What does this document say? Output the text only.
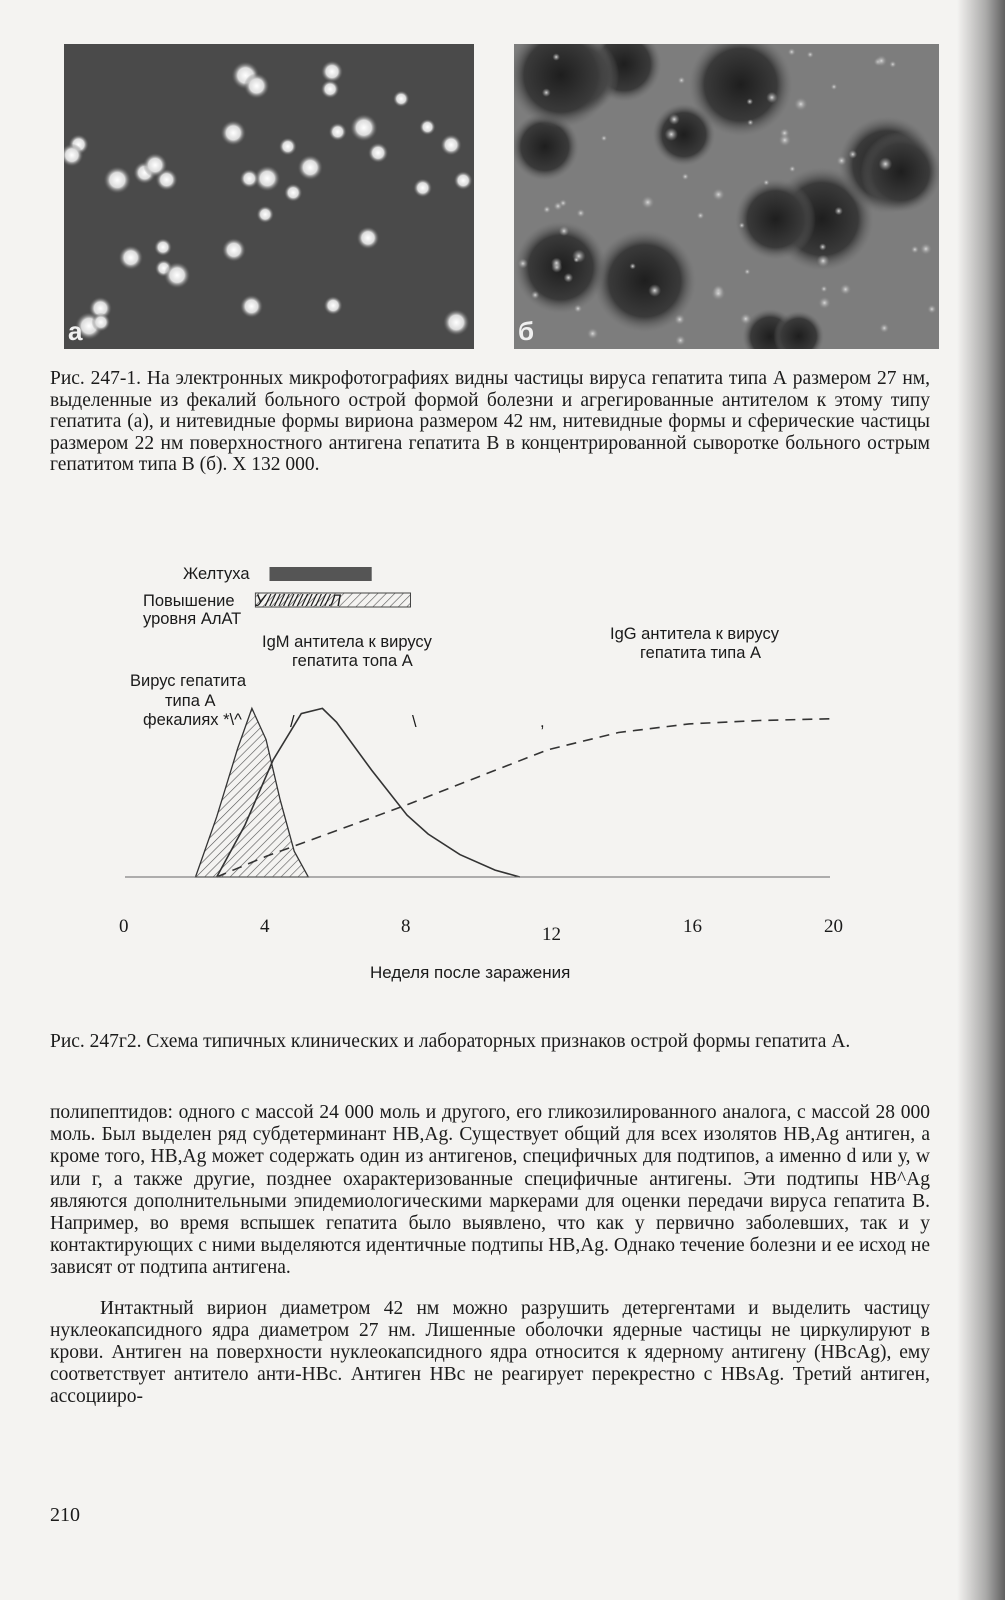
а	б
Рис. 247-1. На электронных микрофотографиях видны частицы вируса гепатита типа А размером 27 нм, выделенные из фекалий больного острой формой болезни и агрегированные антителом к этому типу гепатита (а), и нитевидные формы вириона размером 42 нм, нитевидные формы и сферические частицы размером 22 нм поверхностного антигена гепатита В в концентрированной сыворотке больного острым гепатитом типа В (б). X 132 000.
Желтуха
Повышение У//////////////Л
уровня АлАТ
IgM антитела к вирусу
гепатита топа А
IgG антитела к вирусу
гепатита типа А
Вирус гепатита
типа А
фекалиях *\^	/	\	,
0	4	8	12	16	20
Неделя после заражения
Рис. 247г2. Схема типичных клинических и лабораторных признаков острой формы гепатита А.

полипептидов: одного с массой 24 000 моль и другого, его гликозилированного аналога, с массой 28 000 моль. Был выделен ряд субдетерминант HB,Ag. Существует общий для всех изолятов HB,Ag антиген, а кроме того, HB,Ag может содержать один из антигенов, специфичных для подтипов, а именно d или у, w или г, а также другие, позднее охарактеризованные специфичные антигены. Эти подтипы HB^Ag являются дополнительными эпидемиологическими маркерами для оценки передачи вируса гепатита В. Например, во время вспышек гепатита было выявлено, что как у первично заболевших, так и у контактирующих с ними выделяются идентичные подтипы HB,Ag. Однако течение болезни и ее исход не зависят от подтипа антигена.

Интактный вирион диаметром 42 нм можно разрушить детергентами и выделить частицу нуклеокапсидного ядра диаметром 27 нм. Лишенные оболочки ядерные частицы не циркулируют в крови. Антиген на поверхности нуклеокапсидного ядра относится к ядерному антигену (HBcAg), ему соответствует антитело анти-HBc. Антиген HBc не реагирует перекрестно с HBsAg. Третий антиген, ассоцииро-

210
